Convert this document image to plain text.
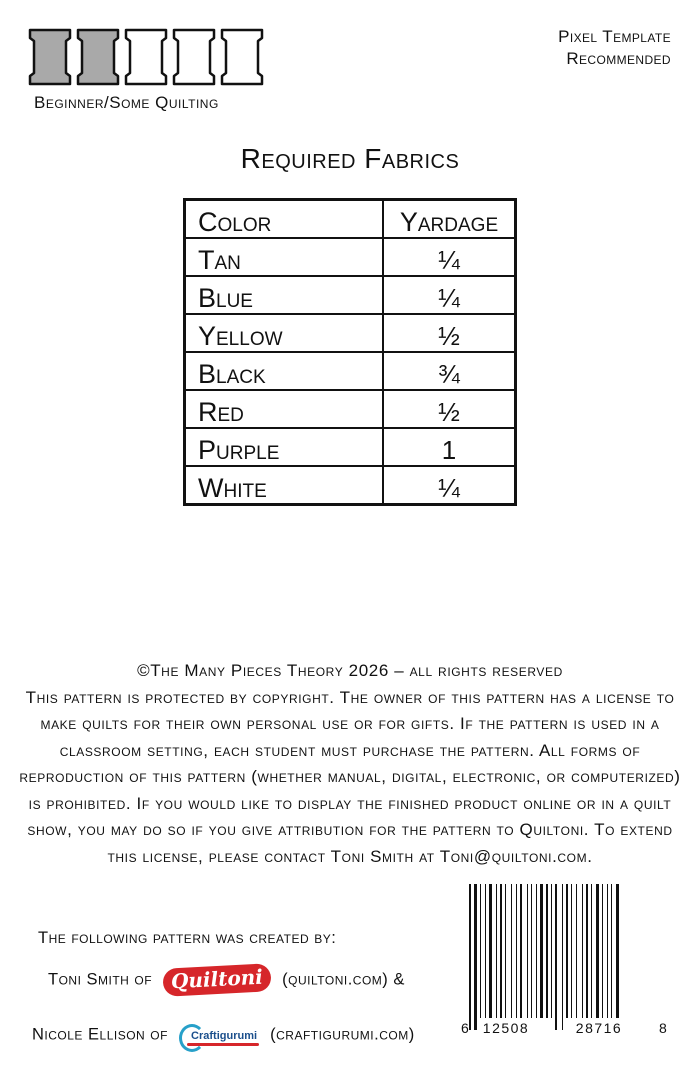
Beginner/Some Quilting
Pixel Template
Recommended
Required Fabrics
Color	Yardage
Tan	¼
Blue	¼
Yellow	½
Black	¾
Red	½
Purple	1
White	¼
©The Many Pieces Theory 2026 – all rights reserved
This pattern is protected by copyright. The owner of this pattern has a license to make quilts for their own personal use or for gifts. If the pattern is used in a classroom setting, each student must purchase the pattern. All forms of reproduction of this pattern (whether manual, digital, electronic, or computerized) is prohibited. If you would like to display the finished product online or in a quilt show, you may do so if you give attribution for the pattern to Quiltoni. To extend this license, please contact Toni Smith at Toni@quiltoni.com.
The following pattern was created by:
Toni Smith of Quiltoni (quiltoni.com) &
Nicole Ellison of Craftigurumi (craftigurumi.com)	6 12508	28716	8
